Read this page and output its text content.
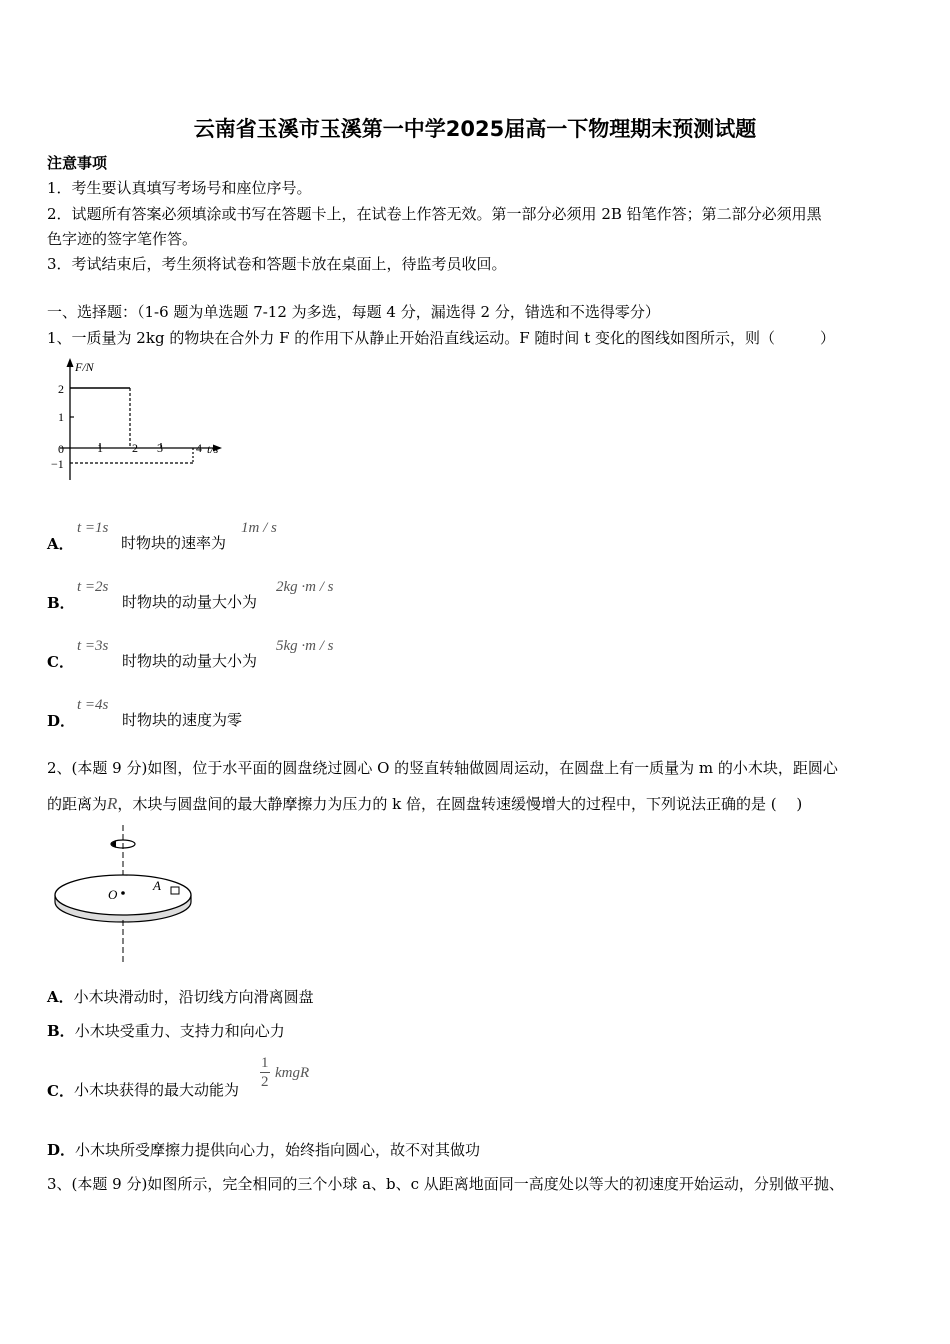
云南省玉溪市玉溪第一中学2025届高一下物理期末预测试题
注意事项
1．考生要认真填写考场号和座位序号。
2．试题所有答案必须填涂或书写在答题卡上，在试卷上作答无效。第一部分必须用 2B 铅笔作答；第二部分必须用黑
色字迹的签字笔作答。
3．考试结束后，考生须将试卷和答题卡放在桌面上，待监考员收回。
一、选择题：（1-6 题为单选题 7-12 为多选，每题 4 分，漏选得 2 分，错选和不选得零分）
1、一质量为 2kg 的物块在合外力 F 的作用下从静止开始沿直线运动。F 随时间 t 变化的图线如图所示，则（　　　）
F/N
t/s
2
1
0
−1
1 2 3	4
A．
t =1s
时物块的速率为
1m / s
B．
t =2s
时物块的动量大小为
2kg ·m / s
C．
t =3s
时物块的动量大小为
5kg ·m / s
D．
t =4s
时物块的速度为零
2、(本题 9 分)如图，位于水平面的圆盘绕过圆心 O 的竖直转轴做圆周运动，在圆盘上有一质量为 m 的小木块，距圆心
的距离为R，木块与圆盘间的最大静摩擦力为压力的 k 倍，在圆盘转速缓慢增大的过程中，下列说法正确的是 (　 )
O
A
A．小木块滑动时，沿切线方向滑离圆盘
B．小木块受重力、支持力和向心力
C． 小木块获得的最大动能为 $\frac{1}{2}$ kmgR
D．小木块所受摩擦力提供向心力，始终指向圆心，故不对其做功
3、(本题 9 分)如图所示，完全相同的三个小球 a、b、c 从距离地面同一高度处以等大的初速度开始运动，分别做平抛、
